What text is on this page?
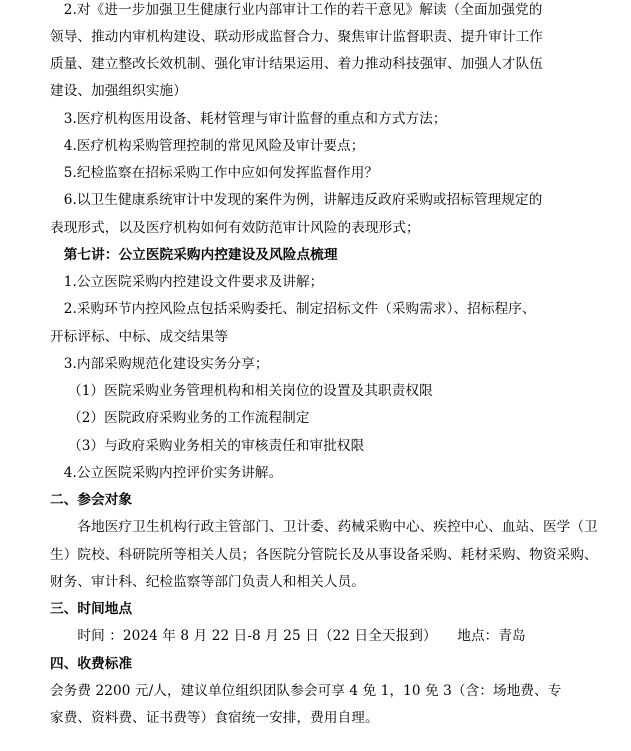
　2.对《进一步加强卫生健康行业内部审计工作的若干意见》解读（全面加强党的
领导、推动内审机构建设、联动形成监督合力、聚焦审计监督职责、提升审计工作
质量、建立整改长效机制、强化审计结果运用、着力推动科技强审、加强人才队伍
建设、加强组织实施）
　3.医疗机构医用设备、耗材管理与审计监督的重点和方式方法；
　4.医疗机构采购管理控制的常见风险及审计要点；
　5.纪检监察在招标采购工作中应如何发挥监督作用？
　6.以卫生健康系统审计中发现的案件为例，讲解违反政府采购或招标管理规定的
表现形式，以及医疗机构如何有效防范审计风险的表现形式；
　第七讲：公立医院采购内控建设及风险点梳理
　1.公立医院采购内控建设文件要求及讲解；
　2.采购环节内控风险点包括采购委托、制定招标文件（采购需求）、招标程序、
开标评标、中标、成交结果等
　3.内部采购规范化建设实务分享；
（1）医院采购业务管理机构和相关岗位的设置及其职责权限
（2）医院政府采购业务的工作流程制定
（3）与政府采购业务相关的审核责任和审批权限
　4.公立医院采购内控评价实务讲解。
二、参会对象
　　各地医疗卫生机构行政主管部门、卫计委、药械采购中心、疾控中心、血站、医学（卫
生）院校、科研院所等相关人员；各医院分管院长及从事设备采购、耗材采购、物资采购、
财务、审计科、纪检监察等部门负责人和相关人员。
三、时间地点
　　时间 ：2024 年 8 月 22 日-8 月 25 日（22 日全天报到）　　地点：青岛
四、收费标准
会务费 2200 元/人，建议单位组织团队参会可享 4 免 1，10 免 3（含：场地费、专
家费、资料费、证书费等）食宿统一安排，费用自理。
